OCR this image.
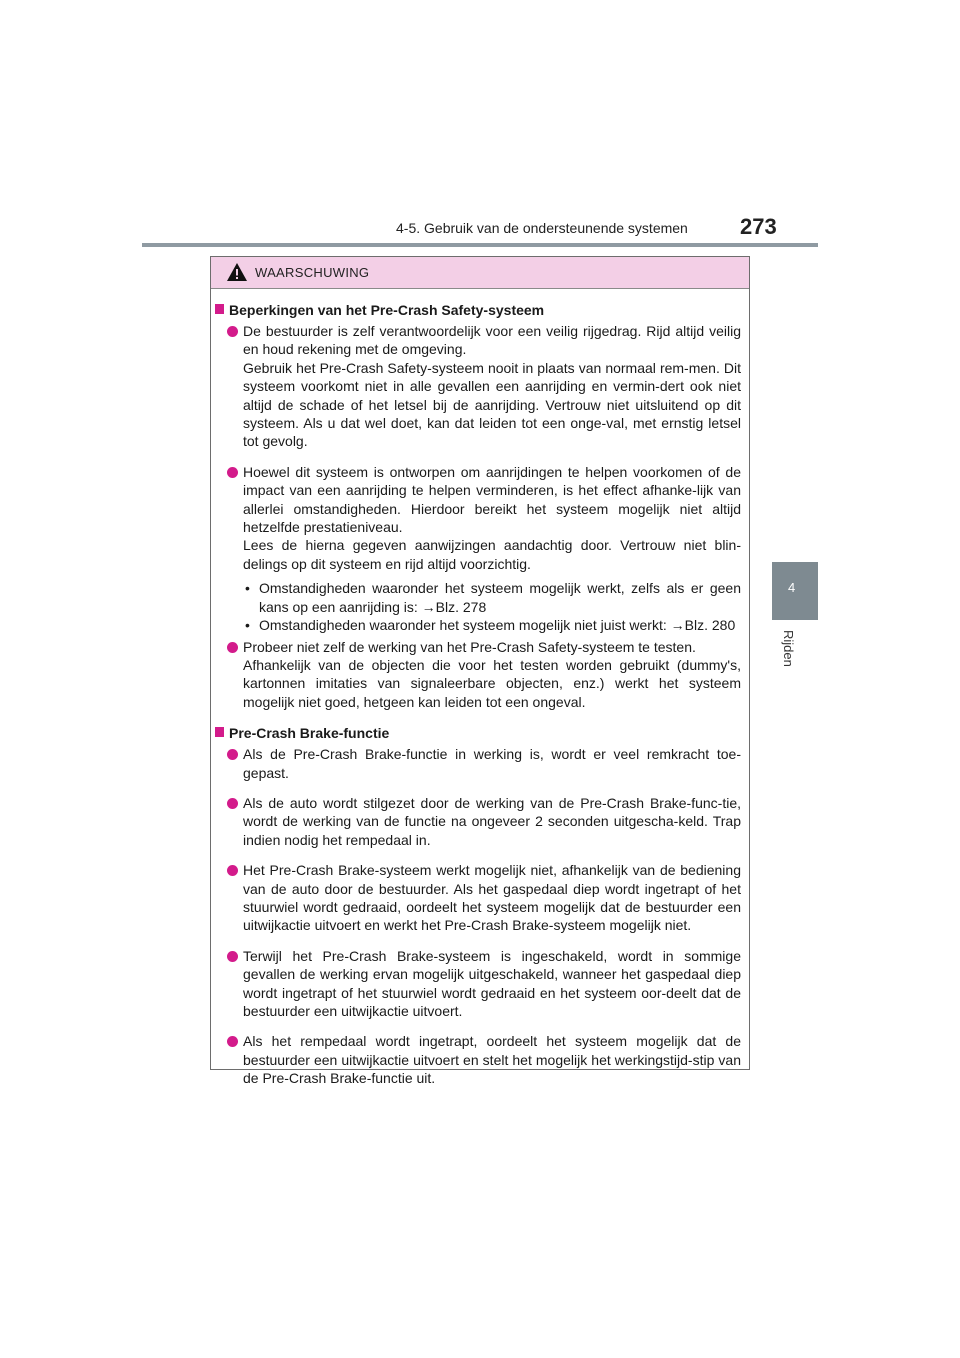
4-5. Gebruik van de ondersteunende systemen 273
4
Rijden
WAARSCHUWING
Beperkingen van het Pre-Crash Safety-systeem
De bestuurder is zelf verantwoordelijk voor een veilig rijgedrag. Rijd altijd veilig en houd rekening met de omgeving.
Gebruik het Pre-Crash Safety-systeem nooit in plaats van normaal rem-men. Dit systeem voorkomt niet in alle gevallen een aanrijding en vermin-dert ook niet altijd de schade of het letsel bij de aanrijding. Vertrouw niet uitsluitend op dit systeem. Als u dat wel doet, kan dat leiden tot een onge-val, met ernstig letsel tot gevolg.
Hoewel dit systeem is ontworpen om aanrijdingen te helpen voorkomen of de impact van een aanrijding te helpen verminderen, is het effect afhanke-lijk van allerlei omstandigheden. Hierdoor bereikt het systeem mogelijk niet altijd hetzelfde prestatieniveau.
Lees de hierna gegeven aanwijzingen aandachtig door. Vertrouw niet blin-delings op dit systeem en rijd altijd voorzichtig.
• Omstandigheden waaronder het systeem mogelijk werkt, zelfs als er geen kans op een aanrijding is: →Blz. 278
• Omstandigheden waaronder het systeem mogelijk niet juist werkt: →Blz. 280
Probeer niet zelf de werking van het Pre-Crash Safety-systeem te testen.
Afhankelijk van de objecten die voor het testen worden gebruikt (dummy's, kartonnen imitaties van signaleerbare objecten, enz.) werkt het systeem mogelijk niet goed, hetgeen kan leiden tot een ongeval.
Pre-Crash Brake-functie
Als de Pre-Crash Brake-functie in werking is, wordt er veel remkracht toe-gepast.
Als de auto wordt stilgezet door de werking van de Pre-Crash Brake-func-tie, wordt de werking van de functie na ongeveer 2 seconden uitgescha-keld. Trap indien nodig het rempedaal in.
Het Pre-Crash Brake-systeem werkt mogelijk niet, afhankelijk van de bediening van de auto door de bestuurder. Als het gaspedaal diep wordt ingetrapt of het stuurwiel wordt gedraaid, oordeelt het systeem mogelijk dat de bestuurder een uitwijkactie uitvoert en werkt het Pre-Crash Brake-systeem mogelijk niet.
Terwijl het Pre-Crash Brake-systeem is ingeschakeld, wordt in sommige gevallen de werking ervan mogelijk uitgeschakeld, wanneer het gaspedaal diep wordt ingetrapt of het stuurwiel wordt gedraaid en het systeem oor-deelt dat de bestuurder een uitwijkactie uitvoert.
Als het rempedaal wordt ingetrapt, oordeelt het systeem mogelijk dat de bestuurder een uitwijkactie uitvoert en stelt het mogelijk het werkingstijd-stip van de Pre-Crash Brake-functie uit.
